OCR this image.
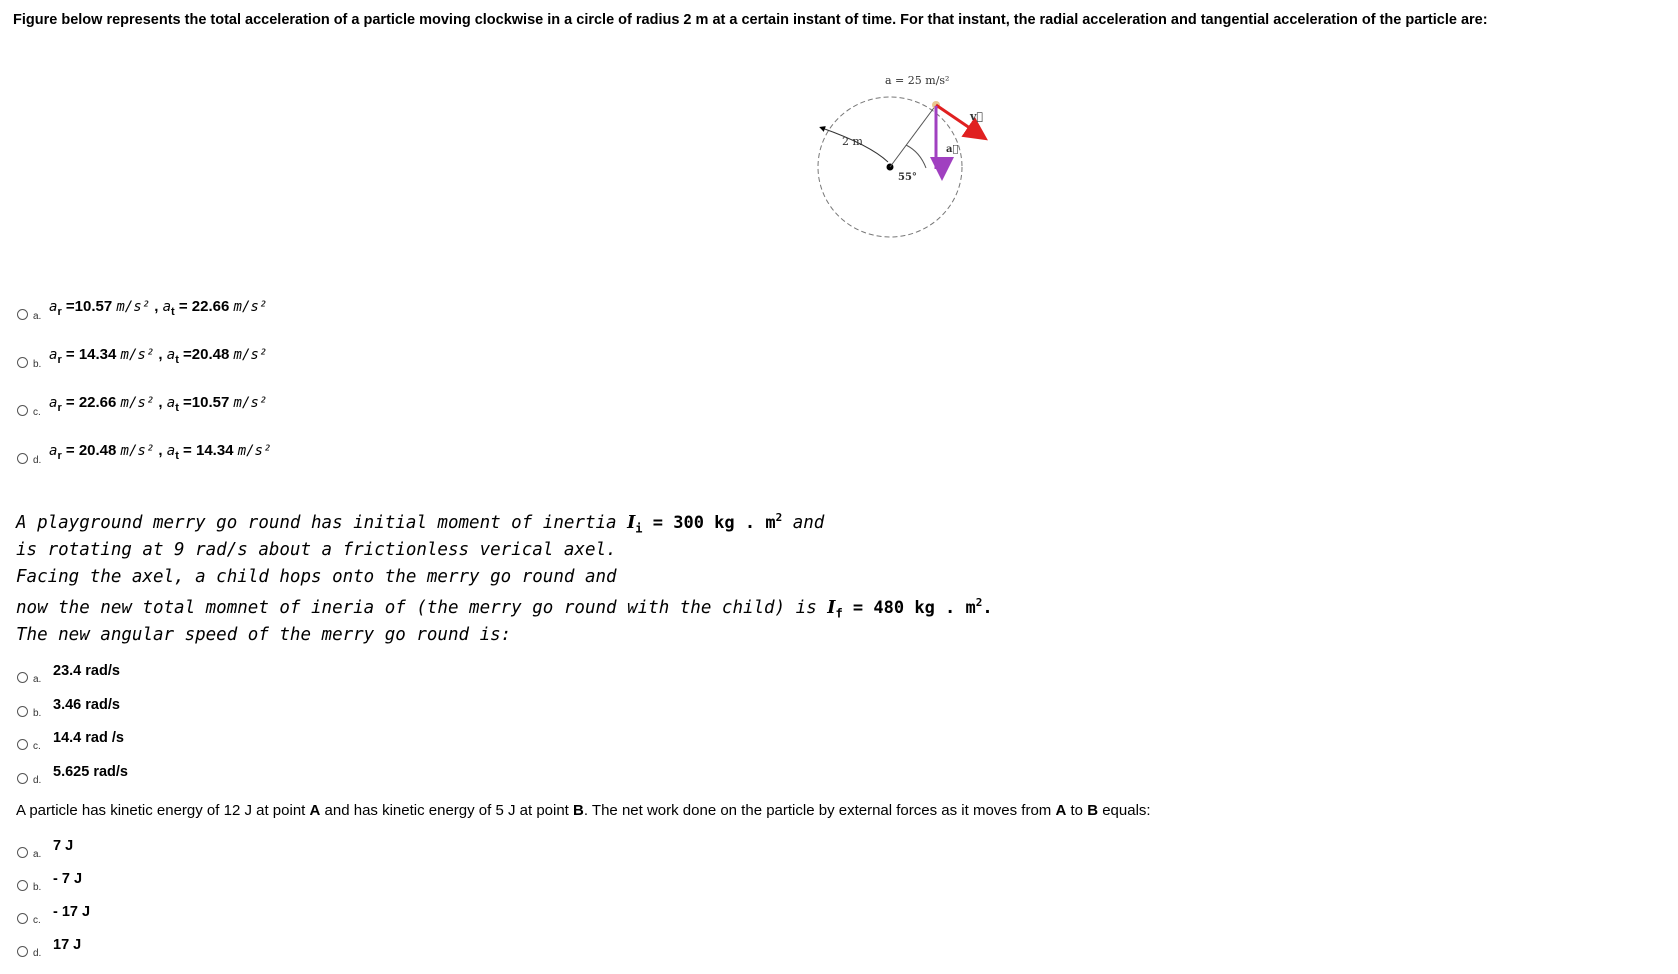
Figure below represents the total acceleration of a particle moving clockwise in a circle of radius 2 m at a certain instant of time. For that instant, the radial acceleration and tangential acceleration of the particle are:
a = 25 m/s²
2 m
55°
v⃗
a⃗
a.
$a_r =10.57$ m/s² , $a_t = 22.66$ m/s²
b.
$a_r = 14.34$ m/s² , $a_t =20.48$ m/s²
c.
$a_r = 22.66$ m/s² , $a_t =10.57$ m/s²
d.
$a_r = 20.48$ m/s² , $a_t = 14.34$ m/s²
A playground merry go round has initial moment of inertia $I_i = 300$ kg . $m^2$ and
is rotating at 9 rad/s about a frictionless verical axel.
Facing the axel, a child hops onto the merry go round and
now the new total momnet of ineria of (the merry go round with the child) is $I_f = 480$ kg . $m^2$.
The new angular speed of the merry go round is:
a.
23.4 rad/s
b.
3.46 rad/s
c.
14.4 rad /s
d.
5.625 rad/s
A particle has kinetic energy of 12 J at point A and has kinetic energy of 5 J at point B. The net work done on the particle by external forces as it moves from A to B equals:
a.
7 J
b.
- 7 J
c.
- 17 J
d.
17 J
